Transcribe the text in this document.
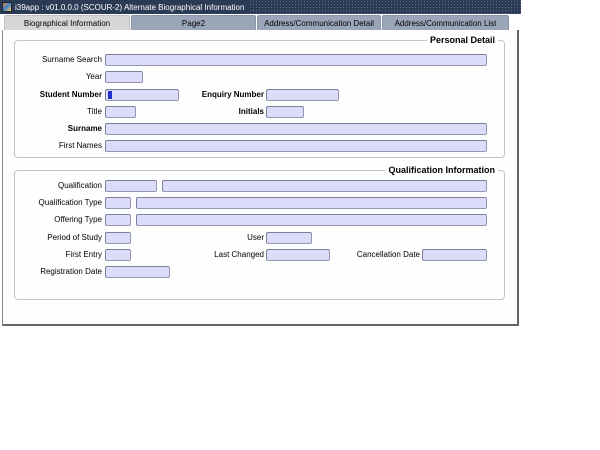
i39app : v01.0.0.0 (SCOUR-2) Alternate Biographical Information
Biographical Information	Page2	Address/Communication Detail	Address/Communication List
Personal Detail
Surname Search
Year
Student Number	Enquiry Number
Title	Initials
Surname
First Names
Qualification Information
Qualification
Qualification Type
Offering Type
Period of Study	User
First Entry	Last Changed	Cancellation Date
Registration Date
